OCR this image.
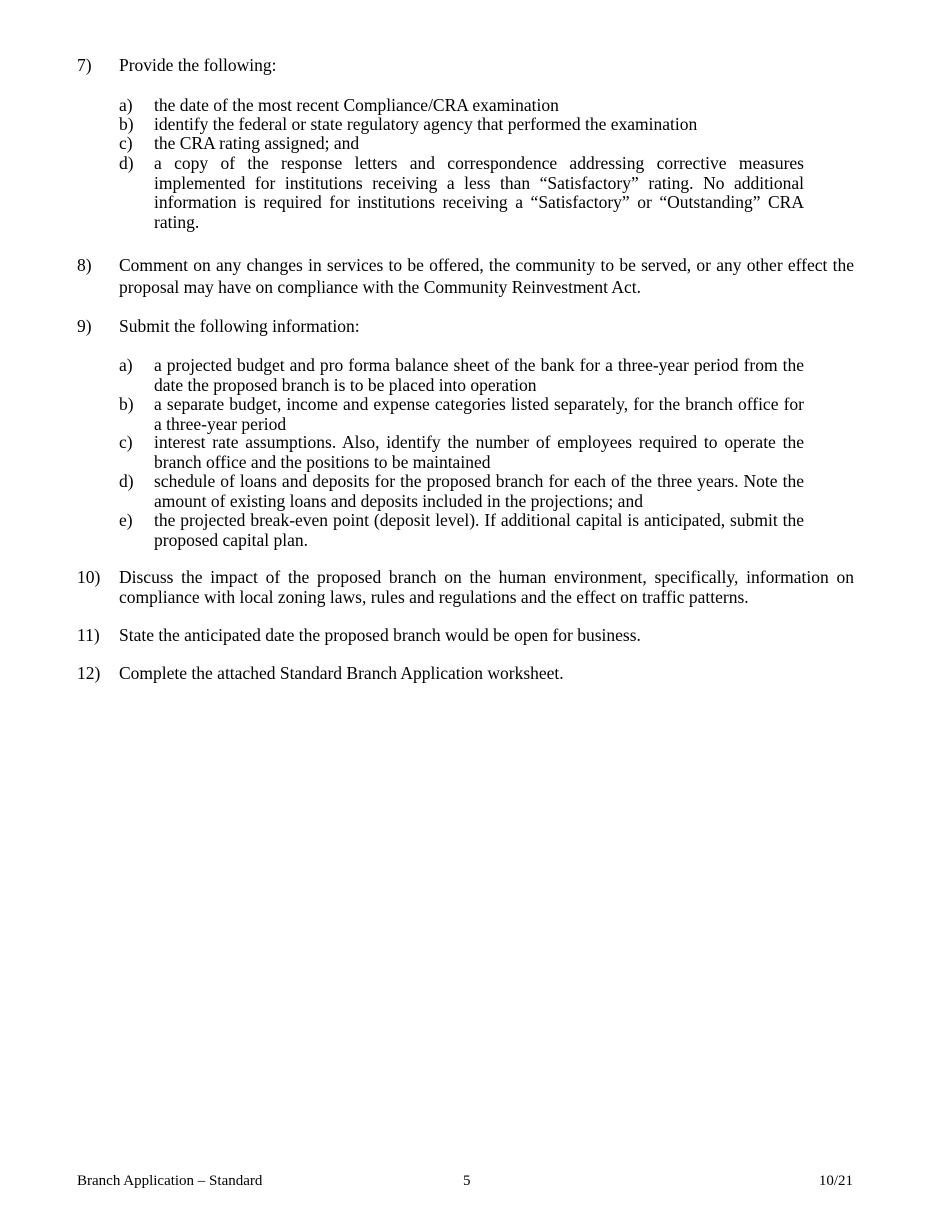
7)	Provide the following:
a)	the date of the most recent Compliance/CRA examination
b)	identify the federal or state regulatory agency that performed the examination
c)	the CRA rating assigned; and
d)	a copy of the response letters and correspondence addressing corrective measures implemented for institutions receiving a less than “Satisfactory” rating. No additional information is required for institutions receiving a “Satisfactory” or “Outstanding” CRA rating.
8)	Comment on any changes in services to be offered, the community to be served, or any other effect the proposal may have on compliance with the Community Reinvestment Act.
9)	Submit the following information:
a)	a projected budget and pro forma balance sheet of the bank for a three-year period from the date the proposed branch is to be placed into operation
b)	a separate budget, income and expense categories listed separately, for the branch office for a three-year period
c)	interest rate assumptions. Also, identify the number of employees required to operate the branch office and the positions to be maintained
d)	schedule of loans and deposits for the proposed branch for each of the three years. Note the amount of existing loans and deposits included in the projections; and
e)	the projected break-even point (deposit level). If additional capital is anticipated, submit the proposed capital plan.
10)	Discuss the impact of the proposed branch on the human environment, specifically, information on compliance with local zoning laws, rules and regulations and the effect on traffic patterns.
11)	State the anticipated date the proposed branch would be open for business.
12)	Complete the attached Standard Branch Application worksheet.
Branch Application – Standard	5	10/21
